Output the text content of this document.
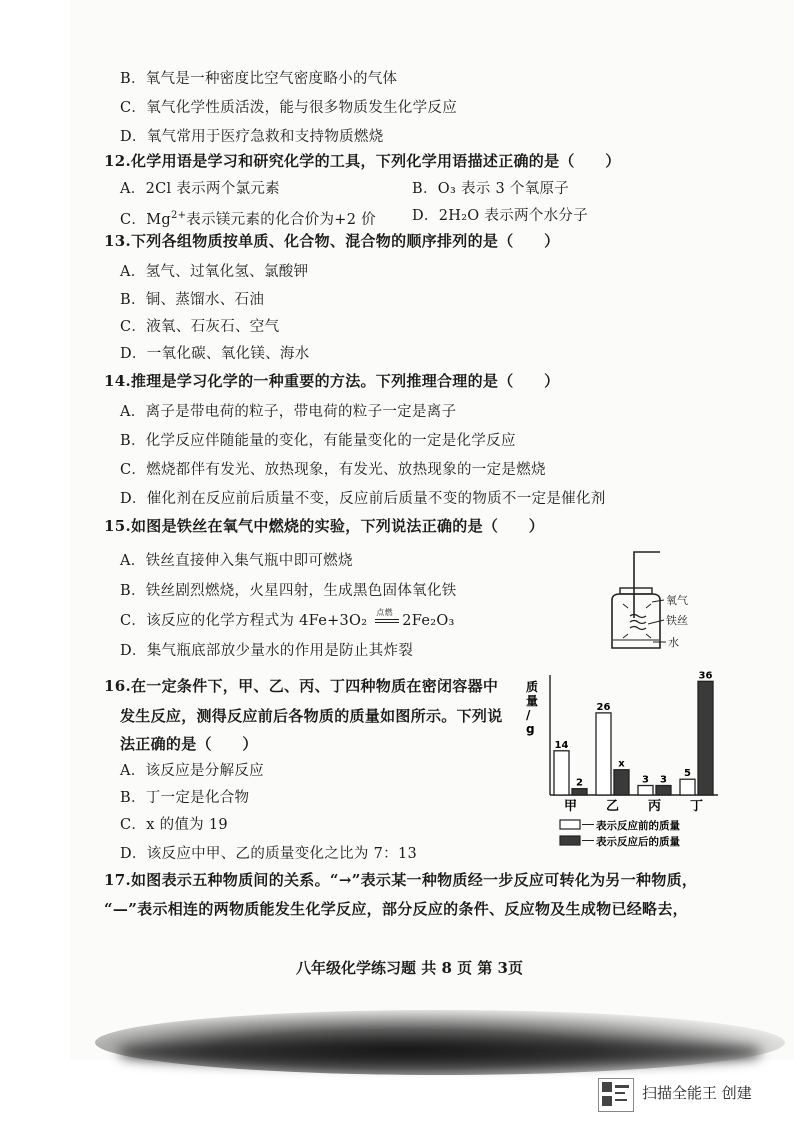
B．氧气是一种密度比空气密度略小的气体
C．氧气化学性质活泼，能与很多物质发生化学反应
D．氧气常用于医疗急救和支持物质燃烧
12.化学用语是学习和研究化学的工具，下列化学用语描述正确的是（　　）
A．2Cl 表示两个氯元素	B．O₃ 表示 3 个氧原子
C．$Mg^{2+}$表示镁元素的化合价为+2 价 D．2H₂O 表示两个水分子
13.下列各组物质按单质、化合物、混合物的顺序排列的是（　　）
A．氢气、过氧化氢、氯酸钾
B．铜、蒸馏水、石油
C．液氧、石灰石、空气
D．一氧化碳、氧化镁、海水
14.推理是学习化学的一种重要的方法。下列推理合理的是（　　）
A．离子是带电荷的粒子，带电荷的粒子一定是离子
B．化学反应伴随能量的变化，有能量变化的一定是化学反应
C．燃烧都伴有发光、放热现象，有发光、放热现象的一定是燃烧
D．催化剂在反应前后质量不变，反应前后质量不变的物质不一定是催化剂
15.如图是铁丝在氧气中燃烧的实验，下列说法正确的是（　　）
A．铁丝直接伸入集气瓶中即可燃烧
B．铁丝剧烈燃烧，火星四射，生成黑色固体氧化铁
C．该反应的化学方程式为 4Fe+3O₂
点燃
2Fe₂O₃
D．集气瓶底部放少量水的作用是防止其炸裂
氧气
铁丝
水
16.在一定条件下，甲、乙、丙、丁四种物质在密闭容器中
发生反应，测得反应前后各物质的质量如图所示。下列说
法正确的是（　　）
A．该反应是分解反应
B．丁一定是化合物
C．x 的值为 19
D．该反应中甲、乙的质量变化之比为 7：13
质
量
/
g
14
2
甲
26
x
乙
3 3
丙
5
36
丁
表示反应前的质量
表示反应后的质量
17.如图表示五种物质间的关系。“→”表示某一种物质经一步反应可转化为另一种物质，
“—”表示相连的两物质能发生化学反应，部分反应的条件、反应物及生成物已经略去，
八年级化学练习题 共 8 页 第 3页
扫描全能王 创建
